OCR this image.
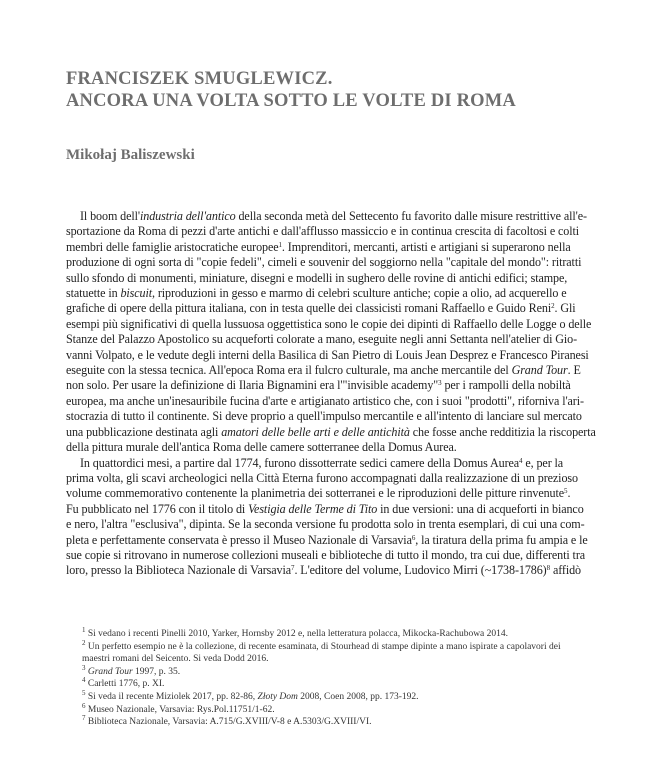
FRANCISZEK SMUGLEWICZ.
ANCORA UNA VOLTA SOTTO LE VOLTE DI ROMA
Mikołaj Baliszewski
Il boom dell'industria dell'antico della seconda metà del Settecento fu favorito dalle misure restrittive all'e-
sportazione da Roma di pezzi d'arte antichi e dall'afflusso massiccio e in continua crescita di facoltosi e colti
membri delle famiglie aristocratiche europee$^1$. Imprenditori, mercanti, artisti e artigiani si superarono nella
produzione di ogni sorta di "copie fedeli", cimeli e souvenir del soggiorno nella "capitale del mondo": ritratti
sullo sfondo di monumenti, miniature, disegni e modelli in sughero delle rovine di antichi edifici; stampe,
statuette in biscuit, riproduzioni in gesso e marmo di celebri sculture antiche; copie a olio, ad acquerello e
grafiche di opere della pittura italiana, con in testa quelle dei classicisti romani Raffaello e Guido Reni$^2$. Gli
esempi più significativi di quella lussuosa oggettistica sono le copie dei dipinti di Raffaello delle Logge o delle
Stanze del Palazzo Apostolico su acqueforti colorate a mano, eseguite negli anni Settanta nell'atelier di Gio-
vanni Volpato, e le vedute degli interni della Basilica di San Pietro di Louis Jean Desprez e Francesco Piranesi
eseguite con la stessa tecnica. All'epoca Roma era il fulcro culturale, ma anche mercantile del Grand Tour. E
non solo. Per usare la definizione di Ilaria Bignamini era l'"invisible academy"$^3$ per i rampolli della nobiltà
europea, ma anche un'inesauribile fucina d'arte e artigianato artistico che, con i suoi "prodotti", riforniva l'ari-
stocrazia di tutto il continente. Si deve proprio a quell'impulso mercantile e all'intento di lanciare sul mercato
una pubblicazione destinata agli amatori delle belle arti e delle antichità che fosse anche redditizia la riscoperta
della pittura murale dell'antica Roma delle camere sotterranee della Domus Aurea.
In quattordici mesi, a partire dal 1774, furono dissotterrate sedici camere della Domus Aurea$^4$ e, per la
prima volta, gli scavi archeologici nella Città Eterna furono accompagnati dalla realizzazione di un prezioso
volume commemorativo contenente la planimetria dei sotterranei e le riproduzioni delle pitture rinvenute$^5$.
Fu pubblicato nel 1776 con il titolo di Vestigia delle Terme di Tito in due versioni: una di acqueforti in bianco
e nero, l'altra "esclusiva", dipinta. Se la seconda versione fu prodotta solo in trenta esemplari, di cui una com-
pleta e perfettamente conservata è presso il Museo Nazionale di Varsavia$^6$, la tiratura della prima fu ampia e le
sue copie si ritrovano in numerose collezioni museali e biblioteche di tutto il mondo, tra cui due, differenti tra
loro, presso la Biblioteca Nazionale di Varsavia$^7$. L'editore del volume, Ludovico Mirri (~1738-1786)$^8$ affidò
$^1$ Si vedano i recenti Pinelli 2010, Yarker, Hornsby 2012 e, nella letteratura polacca, Mikocka-Rachubowa 2014.
$^2$ Un perfetto esempio ne è la collezione, di recente esaminata, di Stourhead di stampe dipinte a mano ispirate a capolavori dei
maestri romani del Seicento. Si veda Dodd 2016.
$^3$ Grand Tour 1997, p. 35.
$^4$ Carletti 1776, p. XI.
$^5$ Si veda il recente Miziolek 2017, pp. 82-86, Złoty Dom 2008, Coen 2008, pp. 173-192.
$^6$ Museo Nazionale, Varsavia: Rys.Pol.11751/1-62.
$^7$ Biblioteca Nazionale, Varsavia: A.715/G.XVIII/V-8 e A.5303/G.XVIII/VI.
